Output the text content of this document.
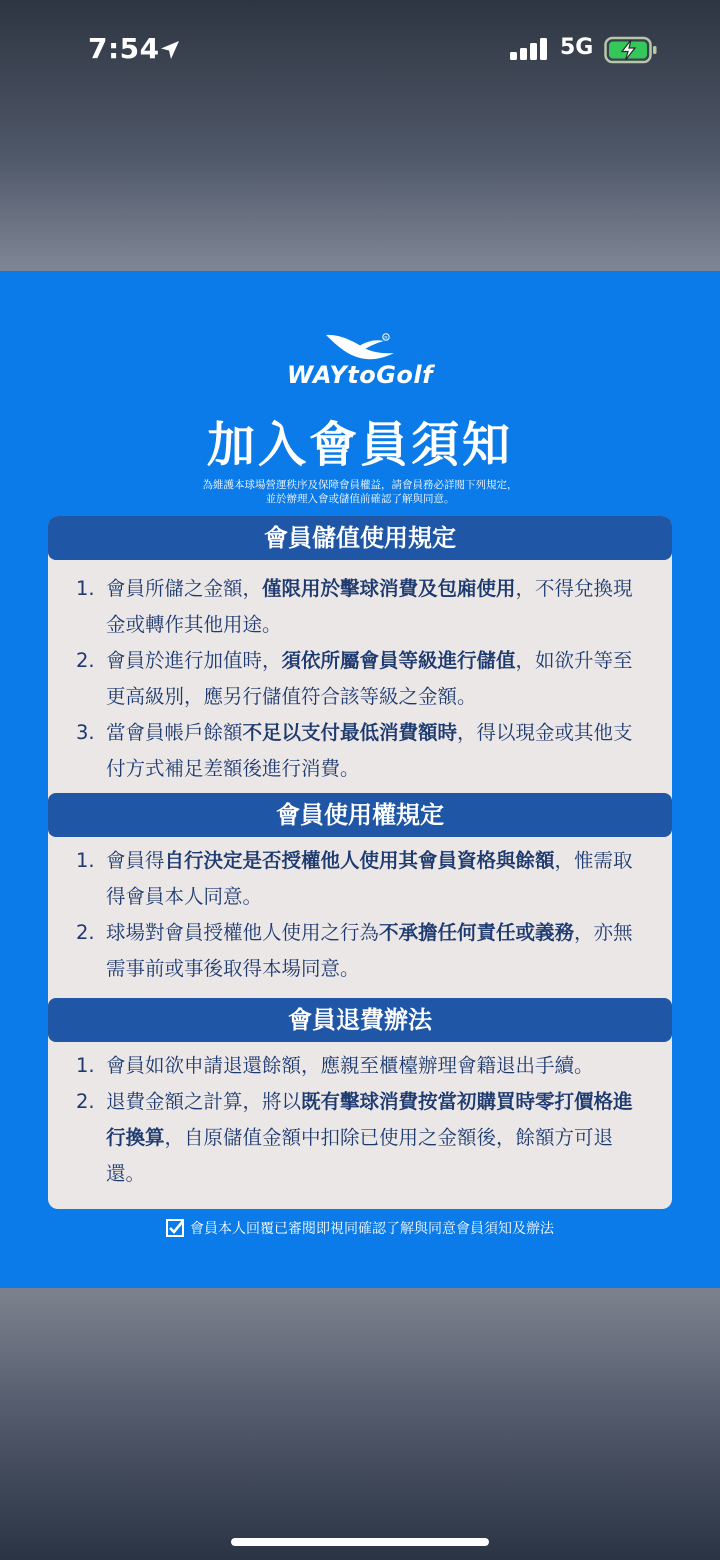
7:54	5G
R
WAYtoGolf
加入會員須知
為維護本球場營運秩序及保障會員權益，請會員務必詳閱下列規定，
並於辦理入會或儲值前確認了解與同意。
會員儲值使用規定
1. 會員所儲之金額，僅限用於擊球消費及包廂使用，不得兌換現金或轉作其他用途。
2. 會員於進行加值時，須依所屬會員等級進行儲值，如欲升等至更高級別，應另行儲值符合該等級之金額。
3. 當會員帳戶餘額不足以支付最低消費額時，得以現金或其他支付方式補足差額後進行消費。
會員使用權規定
1. 會員得自行決定是否授權他人使用其會員資格與餘額，惟需取得會員本人同意。
2. 球場對會員授權他人使用之行為不承擔任何責任或義務，亦無需事前或事後取得本場同意。
會員退費辦法
1. 會員如欲申請退還餘額，應親至櫃檯辦理會籍退出手續。
2. 退費金額之計算，將以既有擊球消費按當初購買時零打價格進行換算，自原儲值金額中扣除已使用之金額後，餘額方可退還。
會員本人回覆已審閱即視同確認了解與同意會員須知及辦法
